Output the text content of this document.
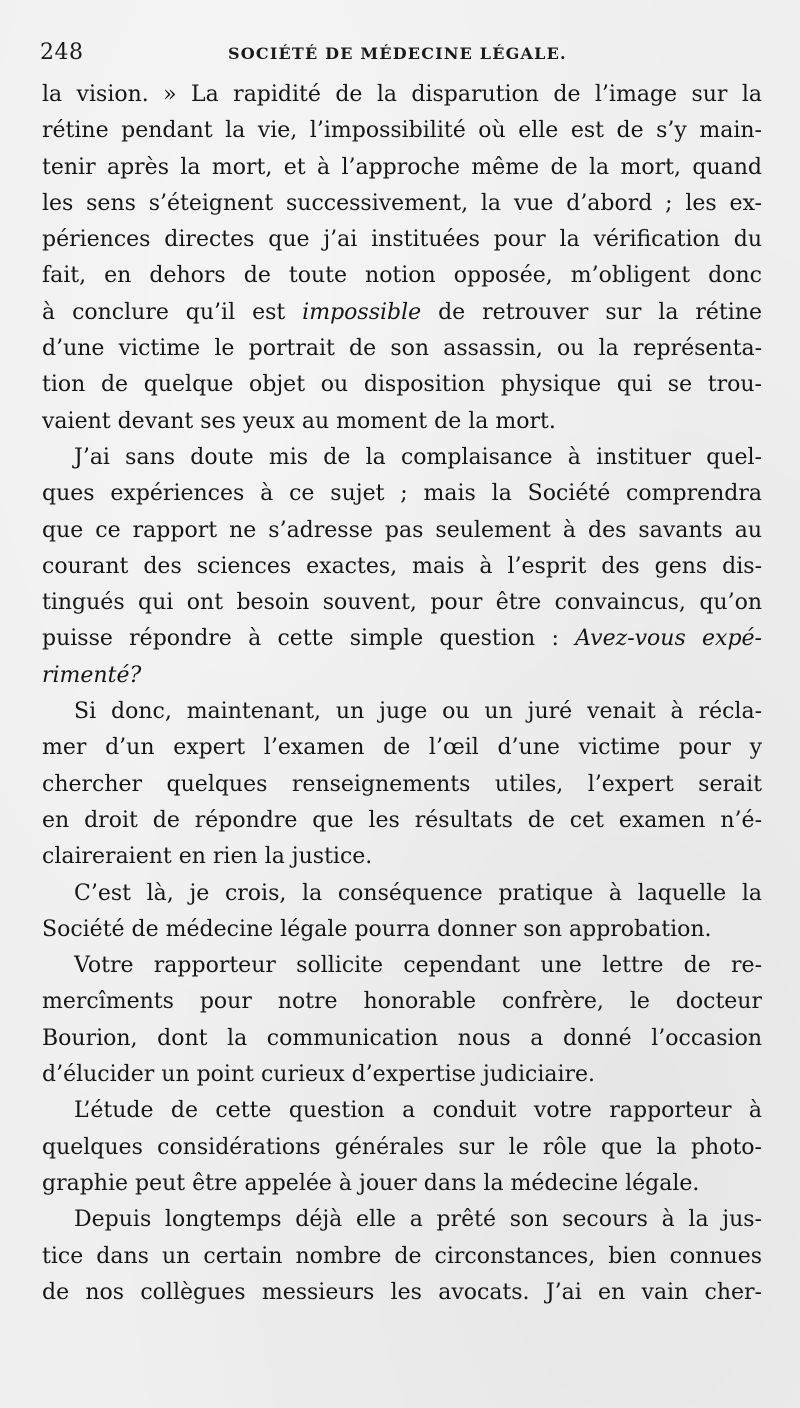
248	SOCIÉTÉ DE MÉDECINE LÉGALE.
la vision. » La rapidité de la disparution de l’image sur la
rétine pendant la vie, l’impossibilité où elle est de s’y main-
tenir après la mort, et à l’approche même de la mort, quand
les sens s’éteignent successivement, la vue d’abord ; les ex-
périences directes que j’ai instituées pour la vérification du
fait, en dehors de toute notion opposée, m’obligent donc
à conclure qu’il est impossible de retrouver sur la rétine
d’une victime le portrait de son assassin, ou la représenta-
tion de quelque objet ou disposition physique qui se trou-
vaient devant ses yeux au moment de la mort.
J’ai sans doute mis de la complaisance à instituer quel-
ques expériences à ce sujet ; mais la Société comprendra
que ce rapport ne s’adresse pas seulement à des savants au
courant des sciences exactes, mais à l’esprit des gens dis-
tingués qui ont besoin souvent, pour être convaincus, qu’on
puisse répondre à cette simple question : Avez-vous expé-
rimenté?
Si donc, maintenant, un juge ou un juré venait à récla-
mer d’un expert l’examen de l’œil d’une victime pour y
chercher quelques renseignements utiles, l’expert serait
en droit de répondre que les résultats de cet examen n’é-
claireraient en rien la justice.
C’est là, je crois, la conséquence pratique à laquelle la
Société de médecine légale pourra donner son approbation.
Votre rapporteur sollicite cependant une lettre de re-
mercîments pour notre honorable confrère, le docteur
Bourion, dont la communication nous a donné l’occasion
d’élucider un point curieux d’expertise judiciaire.
L’étude de cette question a conduit votre rapporteur à
quelques considérations générales sur le rôle que la photo-
graphie peut être appelée à jouer dans la médecine légale.
Depuis longtemps déjà elle a prêté son secours à la jus-
tice dans un certain nombre de circonstances, bien connues
de nos collègues messieurs les avocats. J’ai en vain cher-
